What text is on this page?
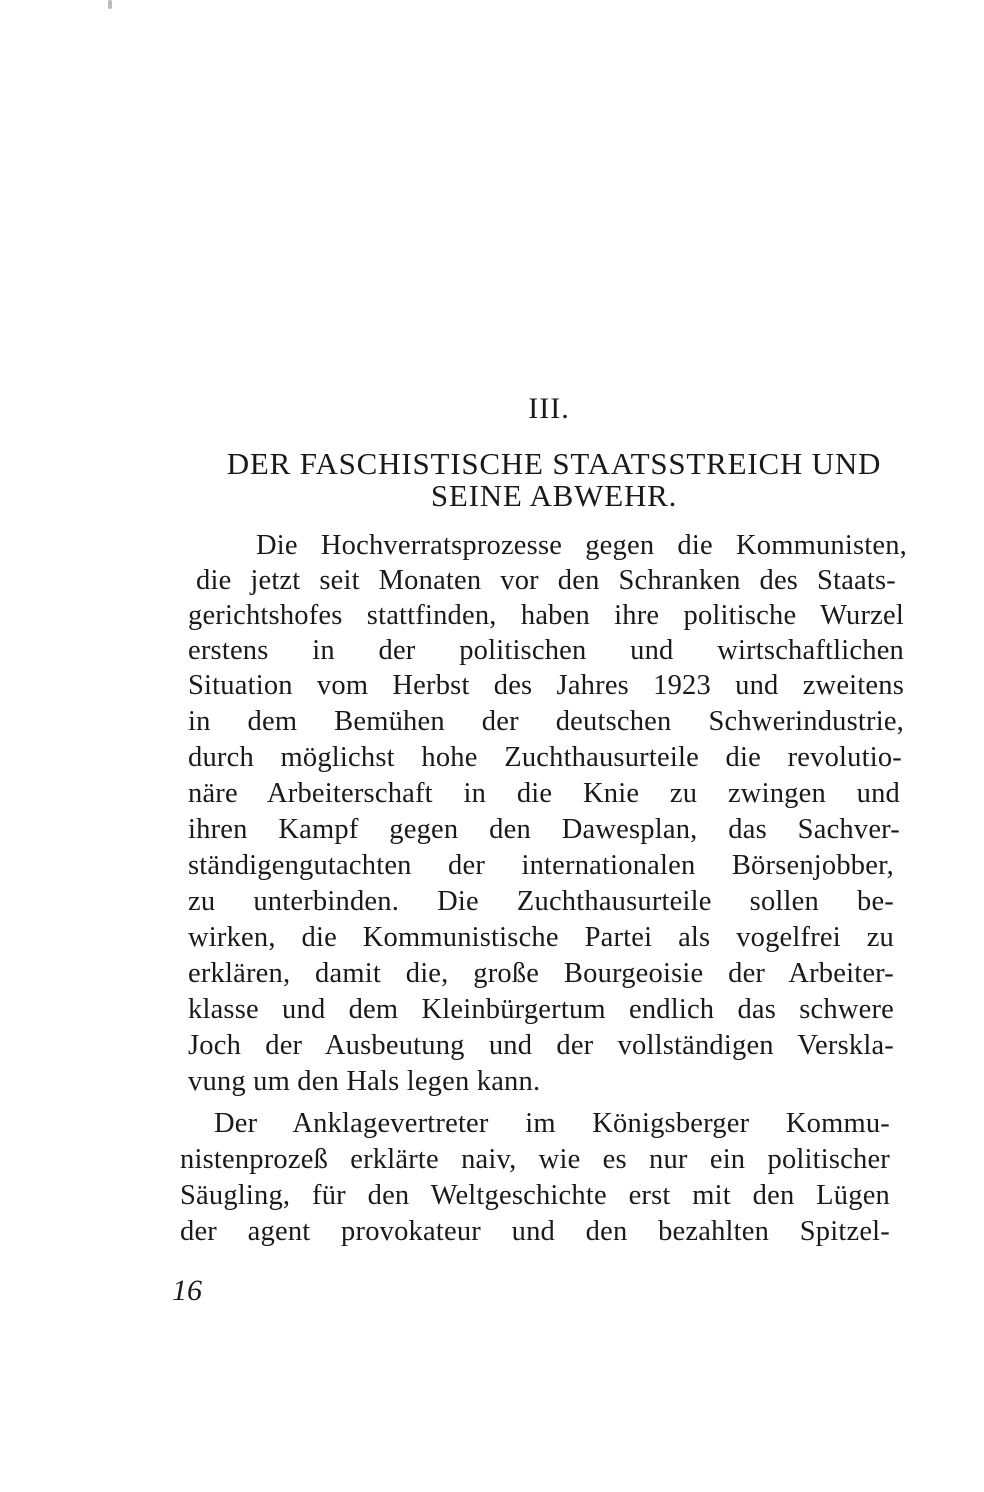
III.
DER FASCHISTISCHE STAATSSTREICH UND
SEINE ABWEHR.
Die Hochverratsprozesse gegen die Kommunisten,
die jetzt seit Monaten vor den Schranken des Staats-
gerichtshofes stattfinden, haben ihre politische Wurzel
erstens in der politischen und wirtschaftlichen
Situation vom Herbst des Jahres 1923 und zweitens
in dem Bemühen der deutschen Schwerindustrie,
durch möglichst hohe Zuchthausurteile die revolutio-
näre Arbeiterschaft in die Knie zu zwingen und
ihren Kampf gegen den Dawesplan, das Sachver-
ständigengutachten der internationalen Börsenjobber,
zu unterbinden. Die Zuchthausurteile sollen be-
wirken, die Kommunistische Partei als vogelfrei zu
erklären, damit die, große Bourgeoisie der Arbeiter-
klasse und dem Kleinbürgertum endlich das schwere
Joch der Ausbeutung und der vollständigen Verskla-
vung um den Hals legen kann.
Der Anklagevertreter im Königsberger Kommu-
nistenprozeß erklärte naiv, wie es nur ein politischer
Säugling, für den Weltgeschichte erst mit den Lügen
der agent provokateur und den bezahlten Spitzel-
16
